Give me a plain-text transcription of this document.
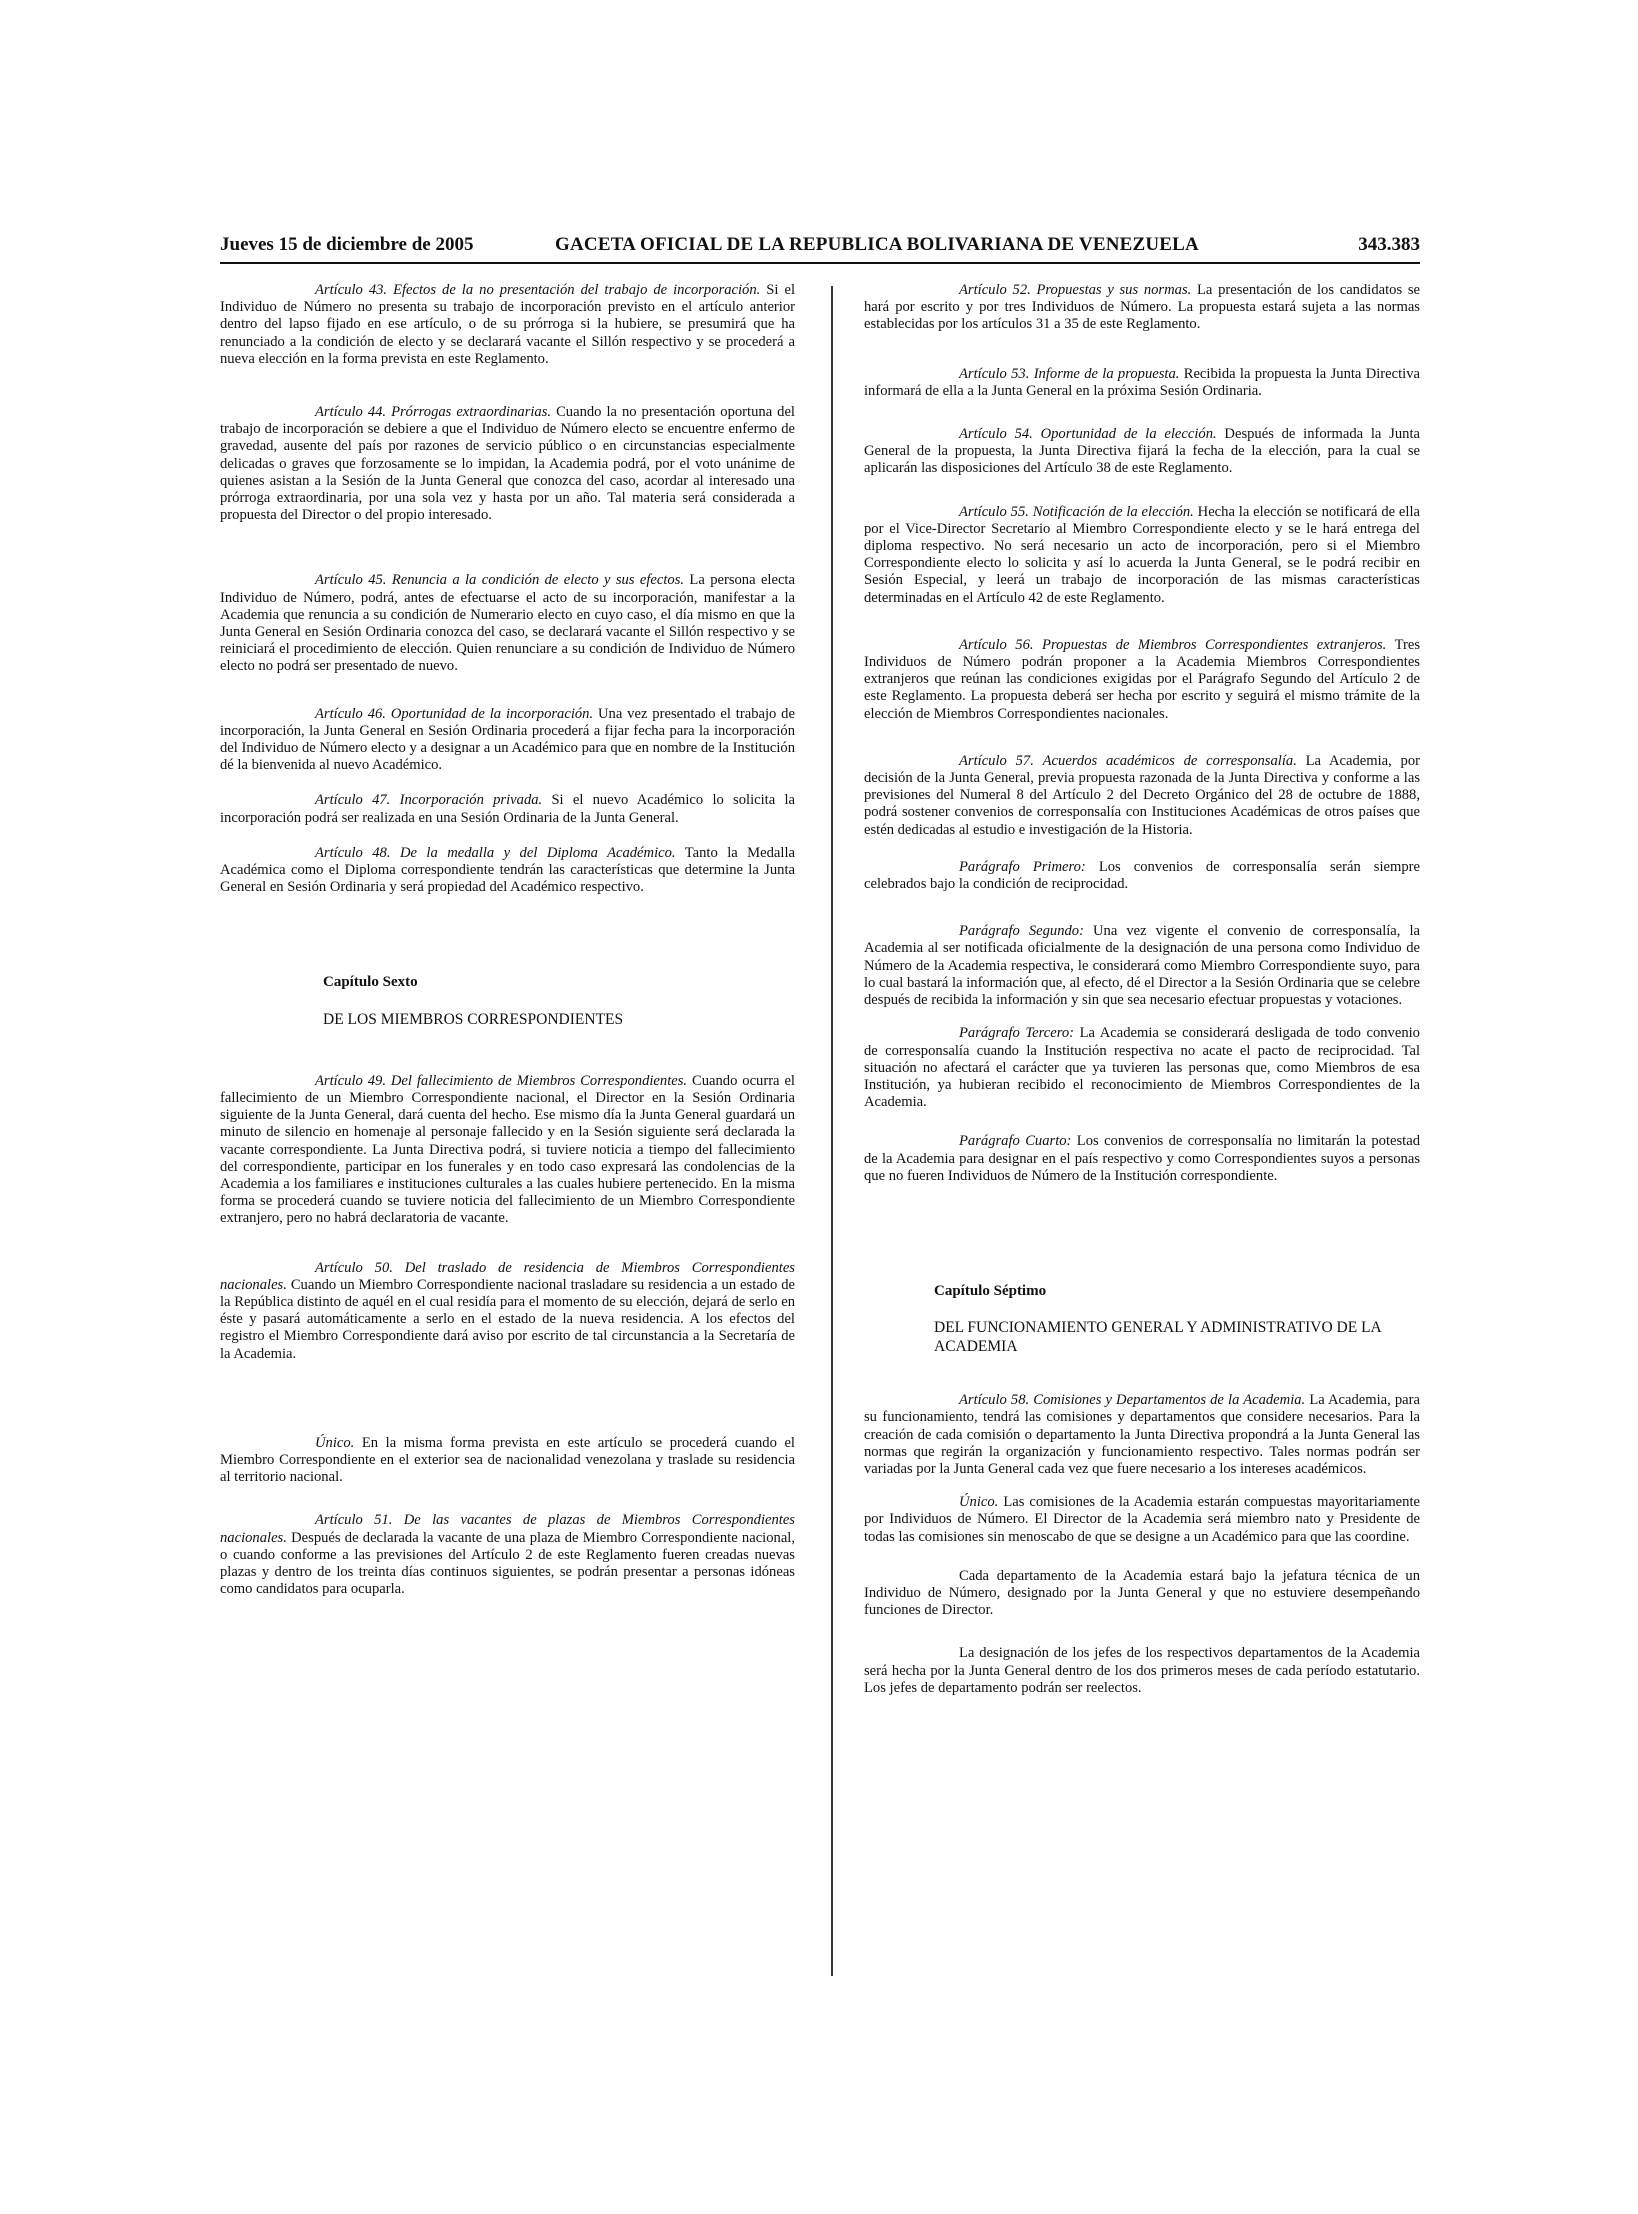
Jueves 15 de diciembre de 2005	GACETA OFICIAL DE LA REPUBLICA BOLIVARIANA DE VENEZUELA	343.383

Artículo 43. Efectos de la no presentación del trabajo de incorporación. Si el Individuo de Número no presenta su trabajo de incorporación previsto en el artículo anterior dentro del lapso fijado en ese artículo, o de su prórroga si la hubiere, se presumirá que ha renunciado a la condición de electo y se declarará vacante el Sillón respectivo y se procederá a nueva elección en la forma prevista en este Reglamento.

Artículo 44. Prórrogas extraordinarias. Cuando la no presentación oportuna del trabajo de incorporación se debiere a que el Individuo de Número electo se encuentre enfermo de gravedad, ausente del país por razones de servicio público o en circunstancias especialmente delicadas o graves que forzosamente se lo impidan, la Academia podrá, por el voto unánime de quienes asistan a la Sesión de la Junta General que conozca del caso, acordar al interesado una prórroga extraordinaria, por una sola vez y hasta por un año. Tal materia será considerada a propuesta del Director o del propio interesado.

Artículo 45. Renuncia a la condición de electo y sus efectos. La persona electa Individuo de Número, podrá, antes de efectuarse el acto de su incorporación, manifestar a la Academia que renuncia a su condición de Numerario electo en cuyo caso, el día mismo en que la Junta General en Sesión Ordinaria conozca del caso, se declarará vacante el Sillón respectivo y se reiniciará el procedimiento de elección. Quien renunciare a su condición de Individuo de Número electo no podrá ser presentado de nuevo.

Artículo 46. Oportunidad de la incorporación. Una vez presentado el trabajo de incorporación, la Junta General en Sesión Ordinaria procederá a fijar fecha para la incorporación del Individuo de Número electo y a designar a un Académico para que en nombre de la Institución dé la bienvenida al nuevo Académico.

Artículo 47. Incorporación privada. Si el nuevo Académico lo solicita la incorporación podrá ser realizada en una Sesión Ordinaria de la Junta General.

Artículo 48. De la medalla y del Diploma Académico. Tanto la Medalla Académica como el Diploma correspondiente tendrán las características que determine la Junta General en Sesión Ordinaria y será propiedad del Académico respectivo.

Capítulo Sexto

DE LOS MIEMBROS CORRESPONDIENTES

Artículo 49. Del fallecimiento de Miembros Correspondientes. Cuando ocurra el fallecimiento de un Miembro Correspondiente nacional, el Director en la Sesión Ordinaria siguiente de la Junta General, dará cuenta del hecho. Ese mismo día la Junta General guardará un minuto de silencio en homenaje al personaje fallecido y en la Sesión siguiente será declarada la vacante correspondiente. La Junta Directiva podrá, si tuviere noticia a tiempo del fallecimiento del correspondiente, participar en los funerales y en todo caso expresará las condolencias de la Academia a los familiares e instituciones culturales a las cuales hubiere pertenecido. En la misma forma se procederá cuando se tuviere noticia del fallecimiento de un Miembro Correspondiente extranjero, pero no habrá declaratoria de vacante.

Artículo 50. Del traslado de residencia de Miembros Correspondientes nacionales. Cuando un Miembro Correspondiente nacional trasladare su residencia a un estado de la República distinto de aquél en el cual residía para el momento de su elección, dejará de serlo en éste y pasará automáticamente a serlo en el estado de la nueva residencia. A los efectos del registro el Miembro Correspondiente dará aviso por escrito de tal circunstancia a la Secretaría de la Academia.

Único. En la misma forma prevista en este artículo se procederá cuando el Miembro Correspondiente en el exterior sea de nacionalidad venezolana y traslade su residencia al territorio nacional.

Artículo 51. De las vacantes de plazas de Miembros Correspondientes nacionales. Después de declarada la vacante de una plaza de Miembro Correspondiente nacional, o cuando conforme a las previsiones del Artículo 2 de este Reglamento fueren creadas nuevas plazas y dentro de los treinta días continuos siguientes, se podrán presentar a personas idóneas como candidatos para ocuparla.

Artículo 52. Propuestas y sus normas. La presentación de los candidatos se hará por escrito y por tres Individuos de Número. La propuesta estará sujeta a las normas establecidas por los artículos 31 a 35 de este Reglamento.

Artículo 53. Informe de la propuesta. Recibida la propuesta la Junta Directiva informará de ella a la Junta General en la próxima Sesión Ordinaria.

Artículo 54. Oportunidad de la elección. Después de informada la Junta General de la propuesta, la Junta Directiva fijará la fecha de la elección, para la cual se aplicarán las disposiciones del Artículo 38 de este Reglamento.

Artículo 55. Notificación de la elección. Hecha la elección se notificará de ella por el Vice-Director Secretario al Miembro Correspondiente electo y se le hará entrega del diploma respectivo. No será necesario un acto de incorporación, pero si el Miembro Correspondiente electo lo solicita y así lo acuerda la Junta General, se le podrá recibir en Sesión Especial, y leerá un trabajo de incorporación de las mismas características determinadas en el Artículo 42 de este Reglamento.

Artículo 56. Propuestas de Miembros Correspondientes extranjeros. Tres Individuos de Número podrán proponer a la Academia Miembros Correspondientes extranjeros que reúnan las condiciones exigidas por el Parágrafo Segundo del Artículo 2 de este Reglamento. La propuesta deberá ser hecha por escrito y seguirá el mismo trámite de la elección de Miembros Correspondientes nacionales.

Artículo 57. Acuerdos académicos de corresponsalía. La Academia, por decisión de la Junta General, previa propuesta razonada de la Junta Directiva y conforme a las previsiones del Numeral 8 del Artículo 2 del Decreto Orgánico del 28 de octubre de 1888, podrá sostener convenios de corresponsalía con Instituciones Académicas de otros países que estén dedicadas al estudio e investigación de la Historia.

Parágrafo Primero: Los convenios de corresponsalía serán siempre celebrados bajo la condición de reciprocidad.

Parágrafo Segundo: Una vez vigente el convenio de corresponsalía, la Academia al ser notificada oficialmente de la designación de una persona como Individuo de Número de la Academia respectiva, le considerará como Miembro Correspondiente suyo, para lo cual bastará la información que, al efecto, dé el Director a la Sesión Ordinaria que se celebre después de recibida la información y sin que sea necesario efectuar propuestas y votaciones.

Parágrafo Tercero: La Academia se considerará desligada de todo convenio de corresponsalía cuando la Institución respectiva no acate el pacto de reciprocidad. Tal situación no afectará el carácter que ya tuvieren las personas que, como Miembros de esa Institución, ya hubieran recibido el reconocimiento de Miembros Correspondientes de la Academia.

Parágrafo Cuarto: Los convenios de corresponsalía no limitarán la potestad de la Academia para designar en el país respectivo y como Correspondientes suyos a personas que no fueren Individuos de Número de la Institución correspondiente.

Capítulo Séptimo

DEL FUNCIONAMIENTO GENERAL Y ADMINISTRATIVO DE LA ACADEMIA

Artículo 58. Comisiones y Departamentos de la Academia. La Academia, para su funcionamiento, tendrá las comisiones y departamentos que considere necesarios. Para la creación de cada comisión o departamento la Junta Directiva propondrá a la Junta General las normas que regirán la organización y funcionamiento respectivo. Tales normas podrán ser variadas por la Junta General cada vez que fuere necesario a los intereses académicos.

Único. Las comisiones de la Academia estarán compuestas mayoritariamente por Individuos de Número. El Director de la Academia será miembro nato y Presidente de todas las comisiones sin menoscabo de que se designe a un Académico para que las coordine.

Cada departamento de la Academia estará bajo la jefatura técnica de un Individuo de Número, designado por la Junta General y que no estuviere desempeñando funciones de Director.

La designación de los jefes de los respectivos departamentos de la Academia será hecha por la Junta General dentro de los dos primeros meses de cada período estatutario. Los jefes de departamento podrán ser reelectos.
